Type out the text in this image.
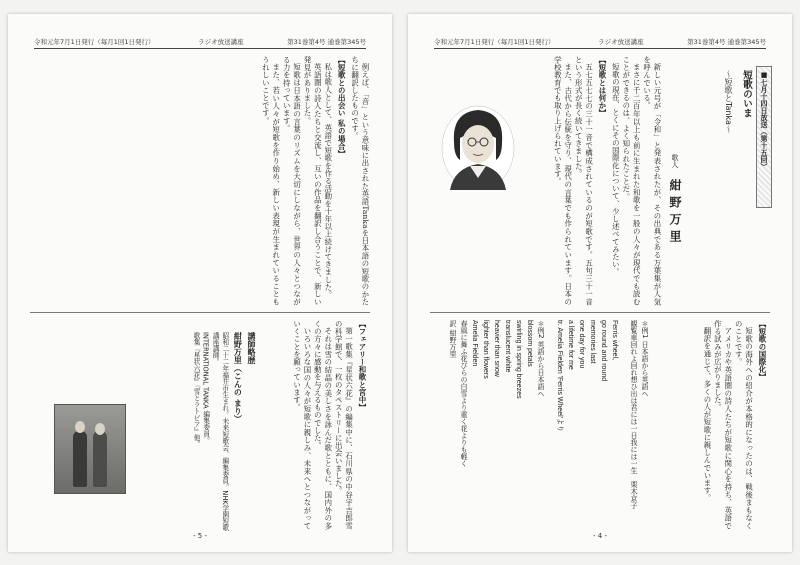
令和元年7月1日発行（毎月1回1日発行）	ラジオ放送講座	第31巻第4号 通巻第345号

例えば、「音」という意味に出された英語Tankaを日本語の短歌のかたちに翻訳したものです。

【短歌との出会い 私の場合】

私は歌人として、英語で短歌を作る活動を十年以上続けてきました。

英語圏の詩人たちと交流し、互いの作品を翻訳し合うことで、新しい発見がありました。

短歌は日本語の言葉のリズムを大切にしながら、世界の人々とつながる力を持っています。

また、若い人々が短歌を作り始め、新しい表現が生まれていることもうれしいことです。

【フェアリー和歌と宮中】

第一歌集『星状六花』の編集中に、石川県の中谷宇吉郎雪の科学館で、一枚のタペストリーに出会いました。

それは雪の結晶の美しさを詠んだ歌とともに、国内外の多くの方々に感動を与えるものでした。

いろいろな国の人々が短歌に親しみ、未来へとつながっていくことを願っています。

講師略歴
紺野万里（こんの まり）
昭和二十二年福井市生まれ。未来短歌会、編集委員。NHK学園短歌講座講師。
INTERNATIONAL TANKA 編集委員。
歌集『星状六花』『雪とラトビア』他。
- 5 -
令和元年7月1日発行（毎月1回1日発行）	ラジオ放送講座	第31巻第4号 通巻第345号
■七月十四日放送（第十五回）
短歌のいま
〜短歌とTanka〜
歌人 紺野万里

新しい元号が「令和」と発表されたが、その出典である万葉集が人気を呼んでいる。

まさに千二百年以上も前に生まれた和歌を一般の人々が現代でも読むことができるのは、よく知られたことだ。

短歌の現在、とくにその国際化について、少し述べてみたい。

【短歌とは何か】

五七五七七の三十一音で構成されているのが短歌です。五句三十一音という形式が長く続いてきました。

また、古代から伝統を守り、現代の言葉でも作られています。日本の学校教育でも取り上げられています。

【短歌の国際化】

短歌の海外への紹介が本格的になったのは、戦後まもなくのことです。

アメリカや英語圏の詩人たちが短歌に関心を持ち、英語で作る試みが広がりました。

翻訳を通じて、多くの人が短歌に親しんでいます。

＊例1 日本語から英語へ
観覧車回れよ回れ想ひ出は君には一日我には一生　栗木京子
Ferris wheel,
go round and round
memories last
one day for you
a lifetime for me
tr. Amelia Fielden 'Ferris Wheel'より
＊例2 英語から日本語へ
blossom petals
swirling in spring breezes
translucent white
heavier than snow
lighter than flowers
Amelia Fielden
春風に舞ふ花びらの白雪より重く花よりも軽く
訳 紺野万里
- 4 -
